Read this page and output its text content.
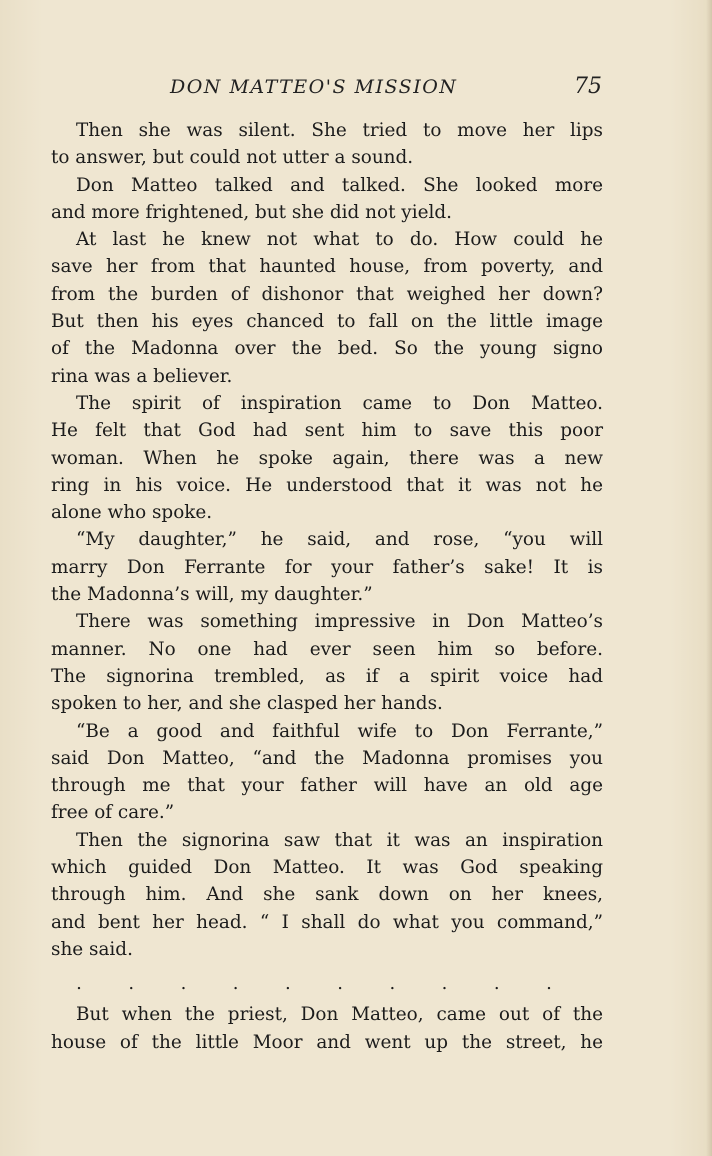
DON MATTEO'S MISSION	75
Then she was silent. She tried to move her lips
to answer, but could not utter a sound.
Don Matteo talked and talked. She looked more
and more frightened, but she did not yield.
At last he knew not what to do. How could he
save her from that haunted house, from poverty, and
from the burden of dishonor that weighed her down?
But then his eyes chanced to fall on the little image
of the Madonna over the bed. So the young signo
rina was a believer.
The spirit of inspiration came to Don Matteo.
He felt that God had sent him to save this poor
woman. When he spoke again, there was a new
ring in his voice. He understood that it was not he
alone who spoke.
“My daughter,” he said, and rose, “you will
marry Don Ferrante for your father’s sake! It is
the Madonna’s will, my daughter.”
There was something impressive in Don Matteo’s
manner. No one had ever seen him so before.
The signorina trembled, as if a spirit voice had
spoken to her, and she clasped her hands.
“Be a good and faithful wife to Don Ferrante,”
said Don Matteo, “and the Madonna promises you
through me that your father will have an old age
free of care.”
Then the signorina saw that it was an inspiration
which guided Don Matteo. It was God speaking
through him. And she sank down on her knees,
and bent her head. “ I shall do what you command,”
she said.
.	.	.	.	.	.	.	.	.	.
But when the priest, Don Matteo, came out of the
house of the little Moor and went up the street, he
